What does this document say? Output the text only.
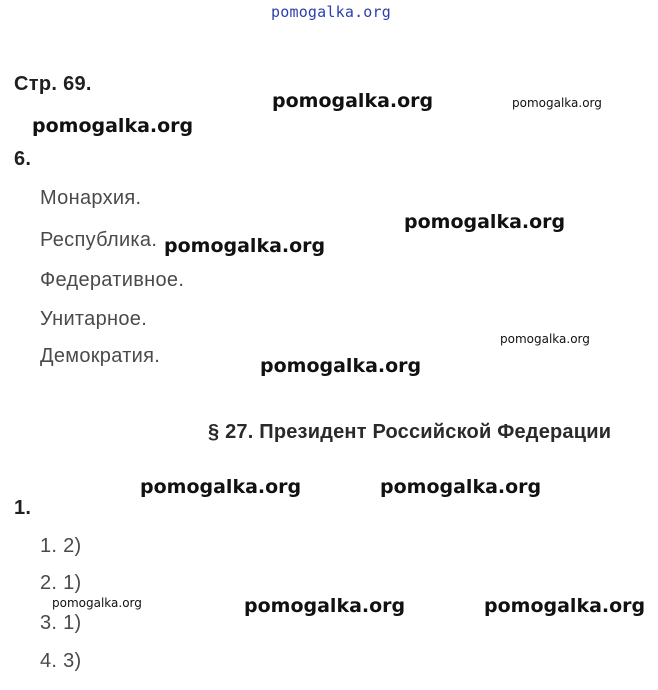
pomogalka.org
Стр. 69.
6.
Монархия.
Республика.
Федеративное.
Унитарное.
Демократия.
§ 27. Президент Российской Федерации
1.
1. 2)
2. 1)
3. 1)
4. 3)
pomogalka.org	pomogalka.org
pomogalka.org
pomogalka.org
pomogalka.org
pomogalka.org
pomogalka.org
pomogalka.org	pomogalka.org
pomogalka.org	pomogalka.org	pomogalka.org
